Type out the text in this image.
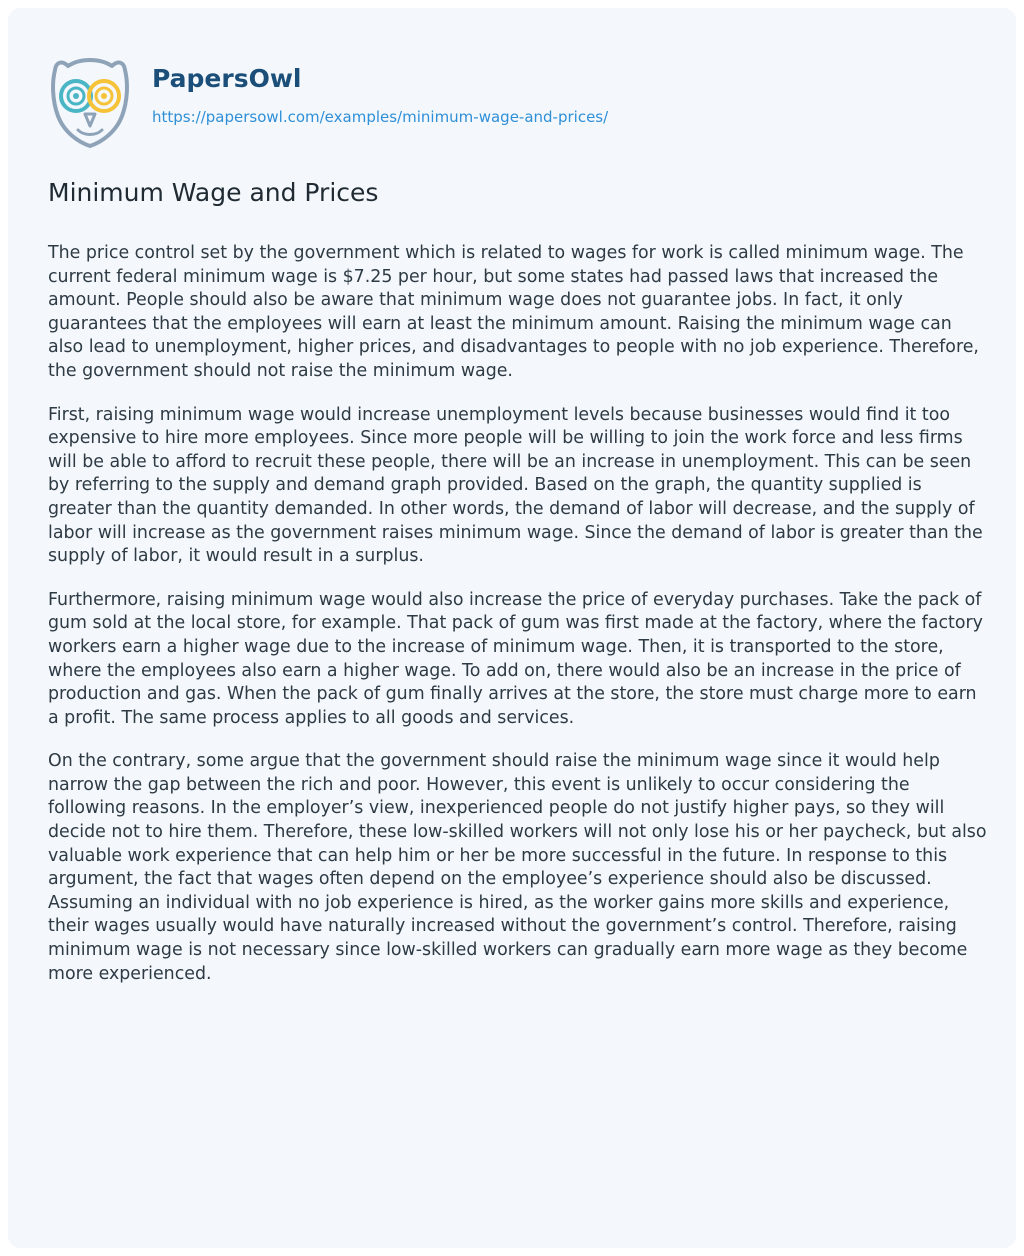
PapersOwl
https://papersowl.com/examples/minimum-wage-and-prices/
Minimum Wage and Prices

The price control set by the government which is related to wages for work is called minimum wage. The current federal minimum wage is $7.25 per hour, but some states had passed laws that increased the amount. People should also be aware that minimum wage does not guarantee jobs. In fact, it only guarantees that the employees will earn at least the minimum amount. Raising the minimum wage can also lead to unemployment, higher prices, and disadvantages to people with no job experience. Therefore, the government should not raise the minimum wage.

First, raising minimum wage would increase unemployment levels because businesses would find it too expensive to hire more employees. Since more people will be willing to join the work force and less firms will be able to afford to recruit these people, there will be an increase in unemployment. This can be seen by referring to the supply and demand graph provided. Based on the graph, the quantity supplied is greater than the quantity demanded. In other words, the demand of labor will decrease, and the supply of labor will increase as the government raises minimum wage. Since the demand of labor is greater than the supply of labor, it would result in a surplus.

Furthermore, raising minimum wage would also increase the price of everyday purchases. Take the pack of gum sold at the local store, for example. That pack of gum was first made at the factory, where the factory workers earn a higher wage due to the increase of minimum wage. Then, it is transported to the store, where the employees also earn a higher wage. To add on, there would also be an increase in the price of production and gas. When the pack of gum finally arrives at the store, the store must charge more to earn a profit. The same process applies to all goods and services.

On the contrary, some argue that the government should raise the minimum wage since it would help narrow the gap between the rich and poor. However, this event is unlikely to occur considering the following reasons. In the employer’s view, inexperienced people do not justify higher pays, so they will decide not to hire them. Therefore, these low-skilled workers will not only lose his or her paycheck, but also valuable work experience that can help him or her be more successful in the future. In response to this argument, the fact that wages often depend on the employee’s experience should also be discussed. Assuming an individual with no job experience is hired, as the worker gains more skills and experience, their wages usually would have naturally increased without the government’s control. Therefore, raising minimum wage is not necessary since low-skilled workers can gradually earn more wage as they become more experienced.
